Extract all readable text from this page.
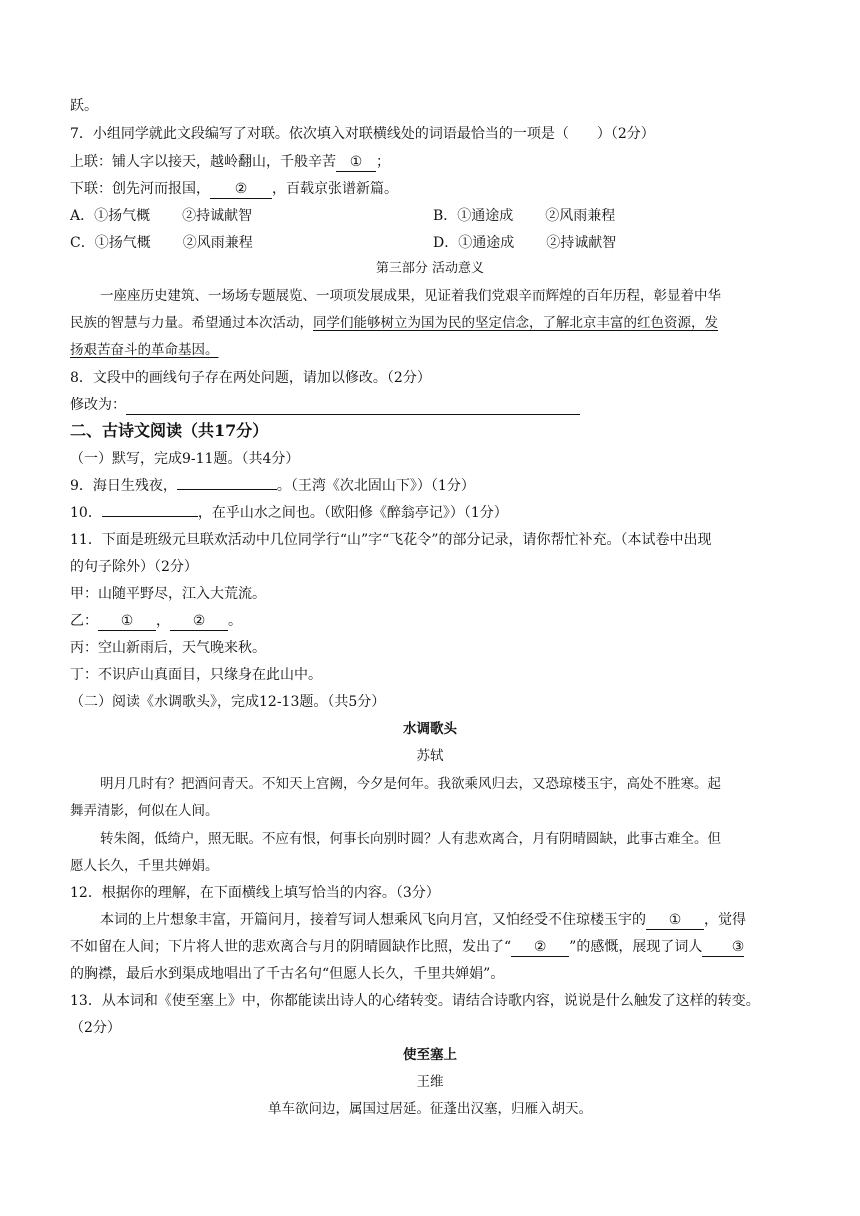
跃。
7．小组同学就此文段编写了对联。依次填入对联横线处的词语最恰当的一项是（　　）（2分）
上联：铺人字以接天，越岭翻山，千般辛苦 ① ；
下联：创先河而报国， ② ，百载京张谱新篇。
A．①扬气概 ②持诚献智	B．①通途成 ②风雨兼程
C．①扬气概 ②风雨兼程	D．①通途成 ②持诚献智
第三部分 活动意义
一座座历史建筑、一场场专题展览、一项项发展成果，见证着我们党艰辛而辉煌的百年历程，彰显着中华
民族的智慧与力量。希望通过本次活动，同学们能够树立为国为民的坚定信念，了解北京丰富的红色资源，发
扬艰苦奋斗的革命基因。
8．文段中的画线句子存在两处问题，请加以修改。（2分）
修改为：
二、古诗文阅读（共17分）
（一）默写，完成9-11题。（共4分）
9．海日生残夜，	。（王湾《次北固山下》）（1分）
10．	，在乎山水之间也。（欧阳修《醉翁亭记》）（1分）
11．下面是班级元旦联欢活动中几位同学行“山”字“飞花令”的部分记录，请你帮忙补充。（本试卷中出现
的句子除外）（2分）
甲：山随平野尽，江入大荒流。
乙： ① ， ② 。
丙：空山新雨后，天气晚来秋。
丁：不识庐山真面目，只缘身在此山中。
（二）阅读《水调歌头》，完成12-13题。（共5分）
水调歌头
苏轼
明月几时有？把酒问青天。不知天上宫阙，今夕是何年。我欲乘风归去，又恐琼楼玉宇，高处不胜寒。起
舞弄清影，何似在人间。
转朱阁，低绮户，照无眠。不应有恨，何事长向别时圆？人有悲欢离合，月有阴晴圆缺，此事古难全。但
愿人长久，千里共婵娟。
12．根据你的理解，在下面横线上填写恰当的内容。（3分）
本词的上片想象丰富，开篇问月，接着写词人想乘风飞向月宫，又怕经受不住琼楼玉宇的 ① ，觉得
不如留在人间；下片将人世的悲欢离合与月的阴晴圆缺作比照，发出了“ ② ”的感慨，展现了词人 ③
的胸襟，最后水到渠成地唱出了千古名句“但愿人长久，千里共婵娟”。
13．从本词和《使至塞上》中，你都能读出诗人的心绪转变。请结合诗歌内容，说说是什么触发了这样的转变。
（2分）
使至塞上
王维
单车欲问边，属国过居延。征蓬出汉塞，归雁入胡天。
